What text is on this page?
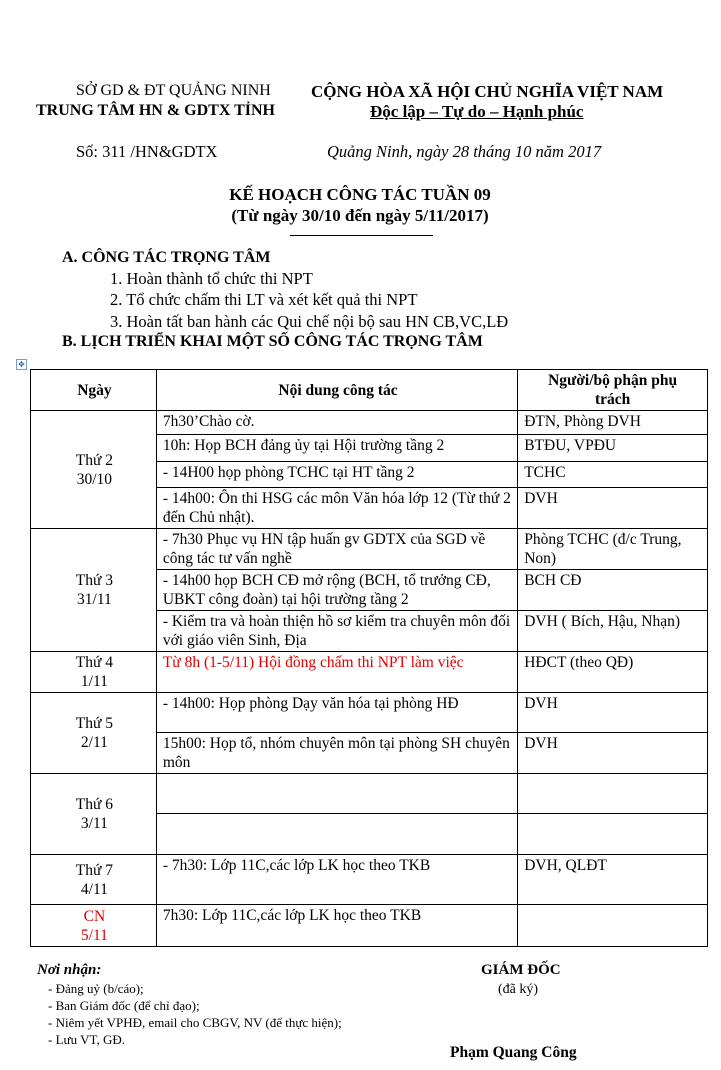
SỞ GD & ĐT QUẢNG NINH
TRUNG TÂM HN & GDTX TỈNH
CỘNG HÒA XÃ HỘI CHỦ NGHĨA VIỆT NAM
Độc lập – Tự do – Hạnh phúc
Số: 311 /HN&GDTX	Quảng Ninh, ngày 28 tháng 10 năm 2017
KẾ HOẠCH CÔNG TÁC TUẦN 09
(Từ ngày 30/10 đến ngày 5/11/2017)
A. CÔNG TÁC TRỌNG TÂM
1. Hoàn thành tổ chức thi NPT
2. Tổ chức chấm thi LT và xét kết quả thi NPT
3. Hoàn tất ban hành các Qui chế nội bộ sau HN CB,VC,LĐ
B. LỊCH TRIỂN KHAI MỘT SỐ CÔNG TÁC TRỌNG TÂM
✥
Ngày	Nội dung công tác	Người/bộ phận phụ trách

Thứ 2
30/10	7h30’Chào cờ.	ĐTN, Phòng DVH
	10h: Họp BCH đảng ủy tại Hội trường tầng 2	BTĐU, VPĐU
	- 14H00 họp phòng TCHC tại HT tầng 2	TCHC
	- 14h00: Ôn thi HSG các môn Văn hóa lớp 12 (Từ thứ 2 đến Chủ nhật).	DVH

Thứ 3
31/11	- 7h30 Phục vụ HN tập huấn gv GDTX của SGD về công tác tư vấn nghề	Phòng TCHC (đ/c Trung, Non)
	- 14h00 họp BCH CĐ mở rộng (BCH, tổ trưởng CĐ, UBKT công đoàn) tại hội trường tầng 2	BCH CĐ
	- Kiểm tra và hoàn thiện hồ sơ kiểm tra chuyên môn đối với giáo viên Sinh, Địa	DVH ( Bích, Hậu, Nhạn)

Thứ 4
1/11	Từ 8h (1-5/11) Hội đồng chấm thi NPT làm việc	HĐCT (theo QĐ)

Thứ 5
2/11	- 14h00: Họp phòng Dạy văn hóa tại phòng HĐ	DVH
	15h00: Họp tổ, nhóm chuyên môn tại phòng SH chuyên môn	DVH

Thứ 6
3/11		

Thứ 7
4/11	- 7h30: Lớp 11C,các lớp LK học theo TKB	DVH, QLĐT

CN
5/11	7h30: Lớp 11C,các lớp LK học theo TKB	
Nơi nhận:
- Đảng uỷ (b/cáo);
- Ban Giám đốc (để chỉ đạo);
- Niêm yết VPHĐ, email cho CBGV, NV (để thực hiện);
- Lưu VT, GĐ.
GIÁM ĐỐC
(đã ký)
Phạm Quang Công
